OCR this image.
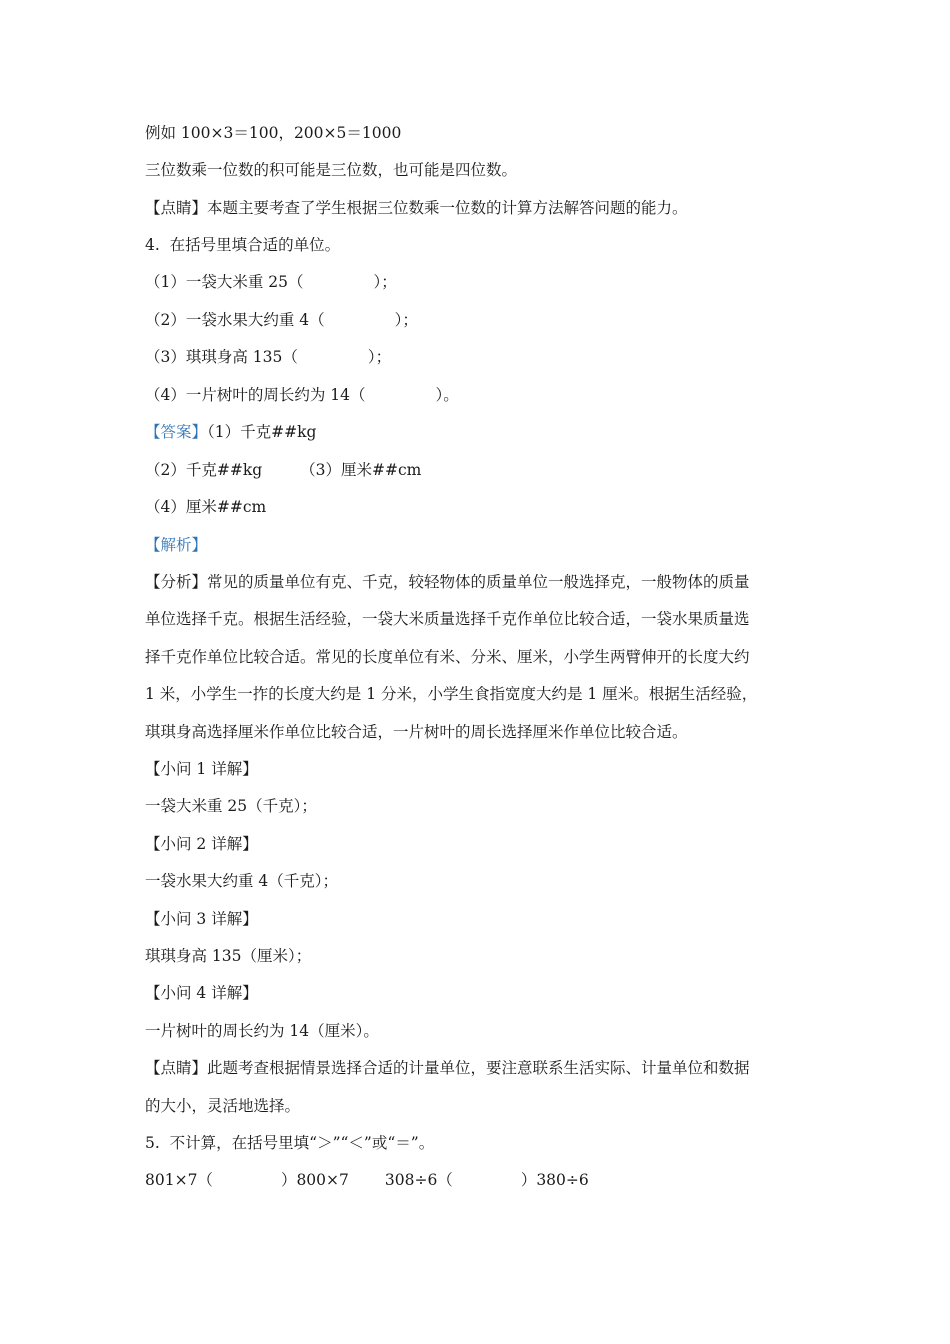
例如 100×3＝100，200×5＝1000
三位数乘一位数的积可能是三位数，也可能是四位数。
【点睛】本题主要考查了学生根据三位数乘一位数的计算方法解答问题的能力。
4.  在括号里填合适的单位。
（1）一袋大米重 25（	）；
（2）一袋水果大约重 4（	）；
（3）琪琪身高 135（	）；
（4）一片树叶的周长约为 14（	）。
【答案】（1）千克##kg
（2）千克##kg （3）厘米##cm
（4）厘米##cm
【解析】
【分析】常见的质量单位有克、千克，较轻物体的质量单位一般选择克，一般物体的质量
单位选择千克。根据生活经验，一袋大米质量选择千克作单位比较合适，一袋水果质量选
择千克作单位比较合适。常见的长度单位有米、分米、厘米，小学生两臂伸开的长度大约
1 米，小学生一拃的长度大约是 1 分米，小学生食指宽度大约是 1 厘米。根据生活经验，
琪琪身高选择厘米作单位比较合适，一片树叶的周长选择厘米作单位比较合适。
【小问 1 详解】
一袋大米重 25（千克）；
【小问 2 详解】
一袋水果大约重 4（千克）；
【小问 3 详解】
琪琪身高 135（厘米）；
【小问 4 详解】
一片树叶的周长约为 14（厘米）。
【点睛】此题考查根据情景选择合适的计量单位，要注意联系生活实际、计量单位和数据
的大小，灵活地选择。
5.  不计算，在括号里填“＞”“＜”或“＝”。
801×7（	）800×7 308÷6（	）380÷6
